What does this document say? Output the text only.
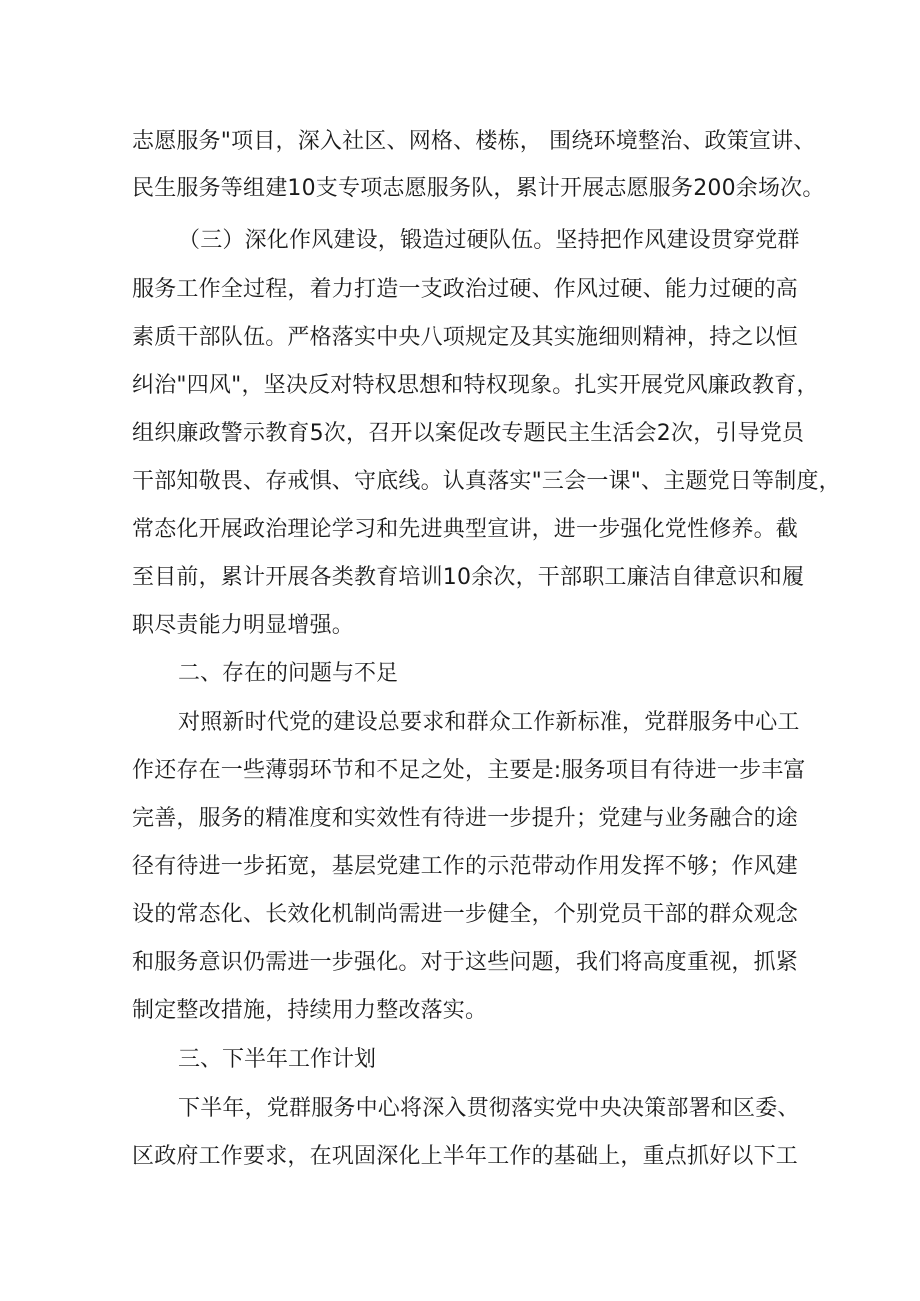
志愿服务"项目，深入社区、网格、楼栋， 围绕环境整治、政策宣讲、
民生服务等组建10支专项志愿服务队，累计开展志愿服务200余场次。
（三）深化作风建设，锻造过硬队伍。坚持把作风建设贯穿党群
服务工作全过程，着力打造一支政治过硬、作风过硬、能力过硬的高
素质干部队伍。严格落实中央八项规定及其实施细则精神，持之以恒
纠治"四风"，坚决反对特权思想和特权现象。扎实开展党风廉政教育，
组织廉政警示教育5次，召开以案促改专题民主生活会2次，引导党员
干部知敬畏、存戒惧、守底线。认真落实"三会一课"、主题党日等制度，
常态化开展政治理论学习和先进典型宣讲，进一步强化党性修养。截
至目前，累计开展各类教育培训10余次，干部职工廉洁自律意识和履
职尽责能力明显增强。
二、存在的问题与不足
对照新时代党的建设总要求和群众工作新标准，党群服务中心工
作还存在一些薄弱环节和不足之处，主要是:服务项目有待进一步丰富
完善，服务的精准度和实效性有待进一步提升；党建与业务融合的途
径有待进一步拓宽，基层党建工作的示范带动作用发挥不够；作风建
设的常态化、长效化机制尚需进一步健全，个别党员干部的群众观念
和服务意识仍需进一步强化。对于这些问题，我们将高度重视，抓紧
制定整改措施，持续用力整改落实。
三、下半年工作计划
下半年，党群服务中心将深入贯彻落实党中央决策部署和区委、
区政府工作要求，在巩固深化上半年工作的基础上，重点抓好以下工
